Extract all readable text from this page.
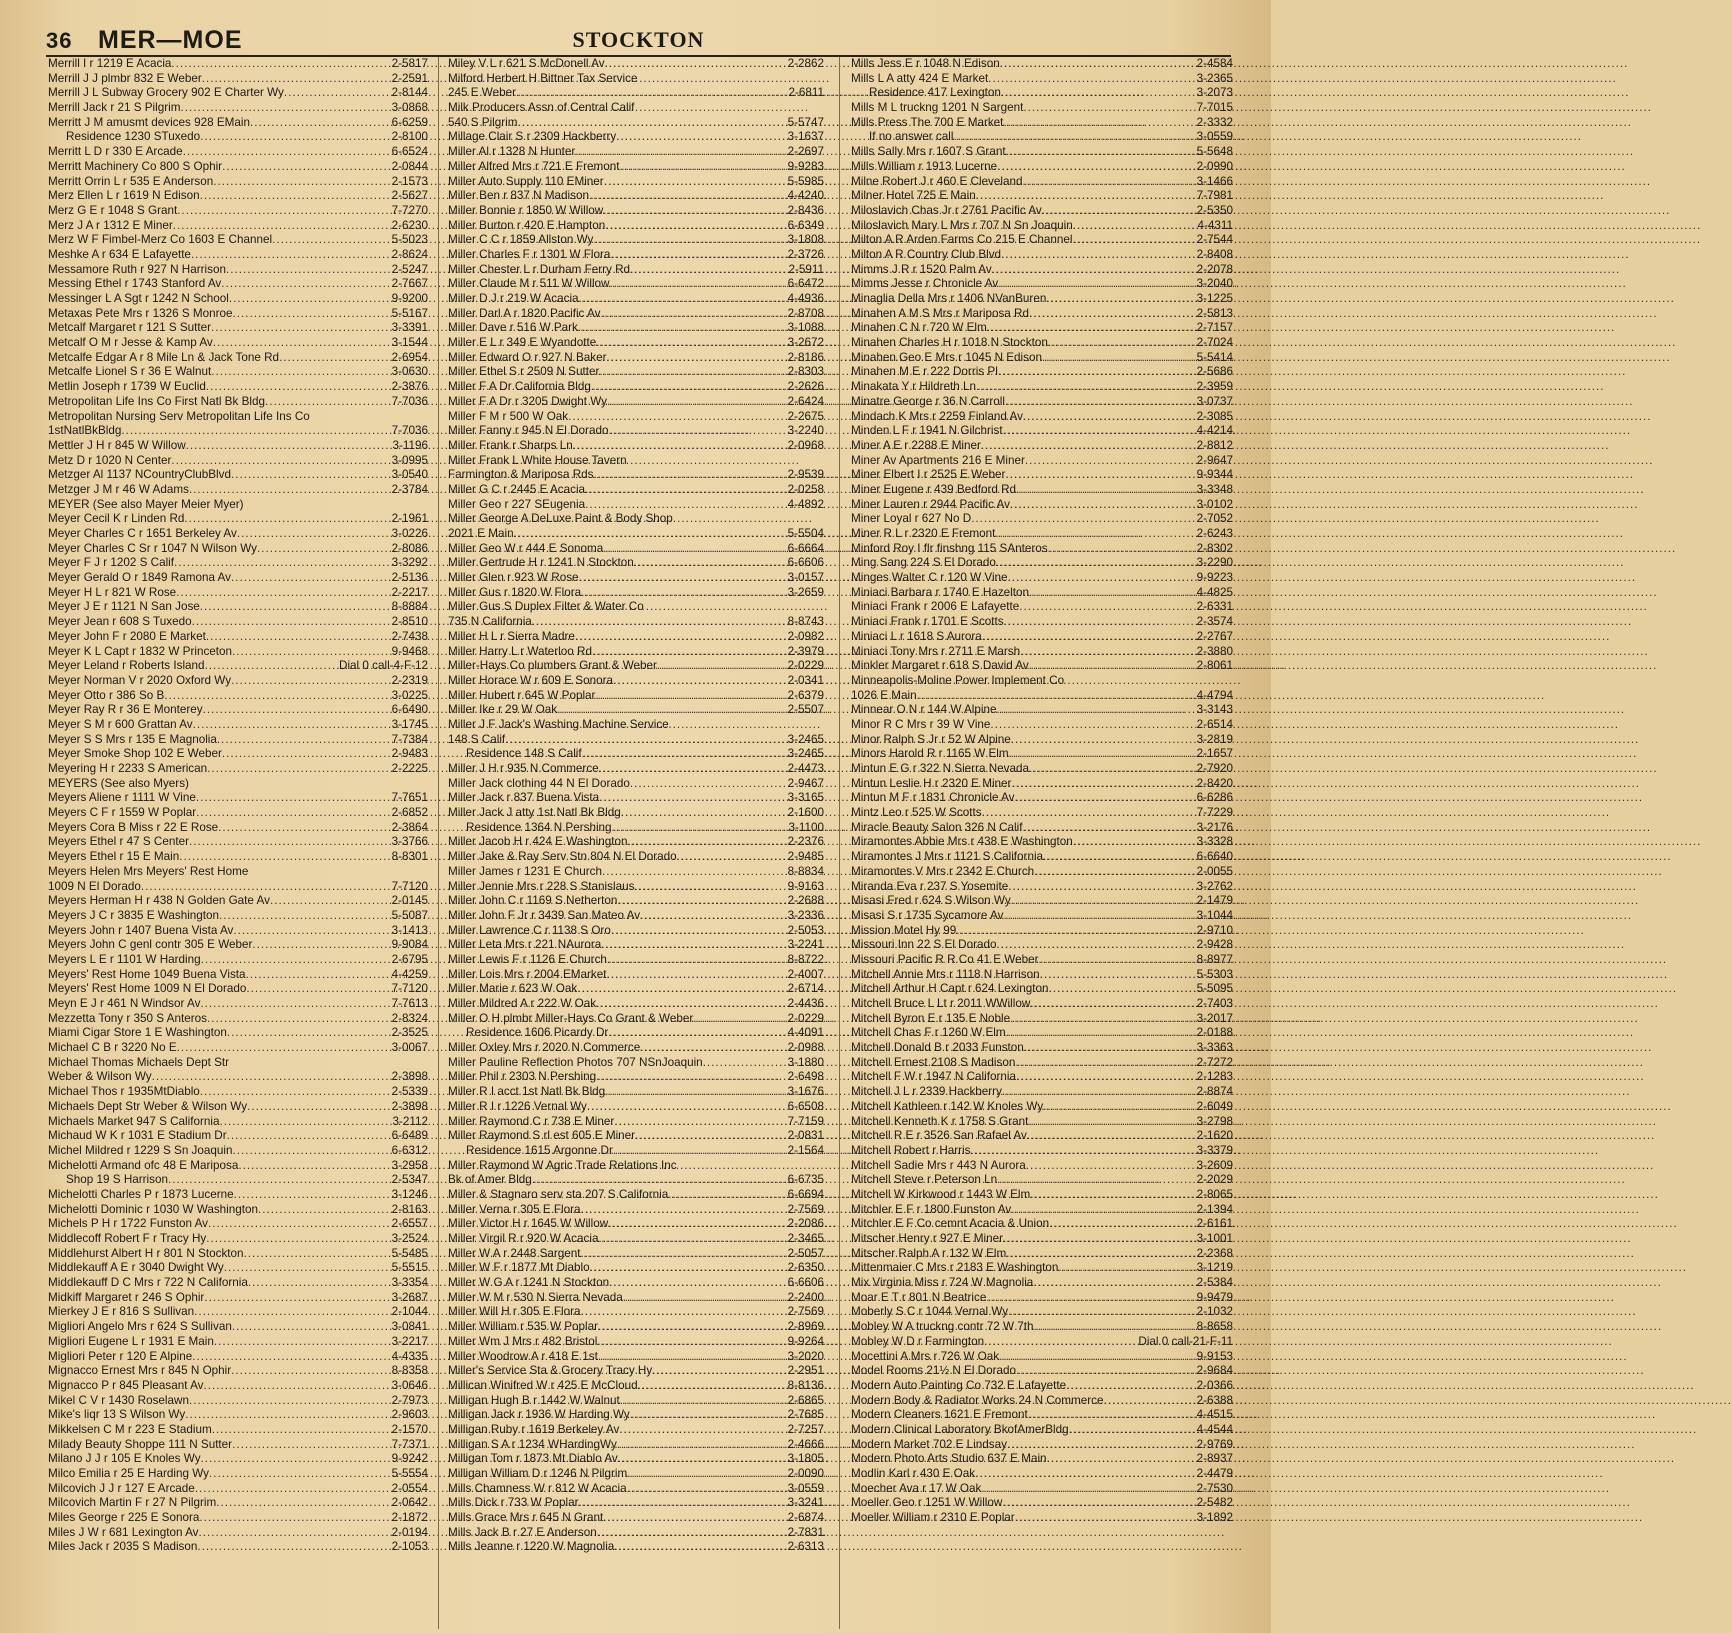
36 MER—MOE	STOCKTON
Merrill I r 1219 E Acacia .....	2-5817
Merrill J J plmbr 832 E Weber .....	2-2591
Merrill J L Subway Grocery 902 E Charter Wy .....	2-8144
Merrill Jack r 21 S Pilgrim .....	3-0868
Merritt J M amusmt devices 928 EMain .....	6-6259
Residence 1230 STuxedo .....	2-8100
Merritt L D r 330 E Arcade .....	6-6524
Merritt Machinery Co 800 S Ophir .....	2-0844
Merritt Orrin L r 535 E Anderson .....	2-1573
Merz Ellen L r 1619 N Edison .....	2-5627
Merz G E r 1048 S Grant .....	7-7270
Merz J A r 1312 E Miner .....	2-6230
Merz W F Fimbel-Merz Co 1603 E Channel .....	5-5023
Meshke A r 634 E Lafayette .....	2-8624
Messamore Ruth r 927 N Harrison .....	2-5247
Messing Ethel r 1743 Stanford Av .....	2-7667
Messinger L A Sgt r 1242 N School .....	9-9200
Metaxas Pete Mrs r 1326 S Monroe .....	5-5167
Metcalf Margaret r 121 S Sutter .....	3-3391
Metcalf O M r Jesse & Kamp Av .....	3-1544
Metcalfe Edgar A r 8 Mile Ln & Jack Tone Rd .....	2-6954
Metcalfe Lionel S r 36 E Walnut .....	3-0630
Metlin Joseph r 1739 W Euclid .....	2-3876
Metropolitan Life Ins Co First Natl Bk Bldg .....	7-7036
Metropolitan Nursing Serv Metropolitan Life Ins Co
1stNatlBkBldg .....	7-7036
Mettler J H r 845 W Willow .....	3-1196
Metz D r 1020 N Center .....	3-0995
Metzger Al 1137 NCountryClubBlvd .....	3-0540
Metzger J M r 46 W Adams .....	2-3784
MEYER (See also Mayer Meier Myer)
Meyer Cecil K r Linden Rd .....	2-1961
Meyer Charles C r 1651 Berkeley Av .....	3-0226
Meyer Charles C Sr r 1047 N Wilson Wy .....	2-8086
Meyer F J r 1202 S Calif .....	3-3292
Meyer Gerald O r 1849 Ramona Av .....	2-5136
Meyer H L r 821 W Rose .....	2-2217
Meyer J E r 1121 N San Jose .....	8-8884
Meyer Jean r 608 S Tuxedo .....	2-8510
Meyer John F r 2080 E Market .....	2-7438
Meyer K L Capt r 1832 W Princeton .....	9-9468
Meyer Leland r Roberts Island .....	Dial 0 call-4-F-12
Meyer Norman V r 2020 Oxford Wy .....	2-2319
Meyer Otto r 386 So B .....	3-0225
Meyer Ray R r 36 E Monterey .....	6-6490
Meyer S M r 600 Grattan Av .....	3-1745
Meyer S S Mrs r 135 E Magnolia .....	7-7384
Meyer Smoke Shop 102 E Weber .....	2-9483
Meyering H r 2233 S American .....	2-2225
MEYERS (See also Myers)
Meyers Aliene r 1111 W Vine .....	7-7651
Meyers C F r 1559 W Poplar .....	2-6852
Meyers Cora B Miss r 22 E Rose .....	2-3864
Meyers Ethel r 47 S Center .....	3-3766
Meyers Ethel r 15 E Main .....	8-8301
Meyers Helen Mrs Meyers' Rest Home
1009 N El Dorado .....	7-7120
Meyers Herman H r 438 N Golden Gate Av .....	2-0145
Meyers J C r 3835 E Washington .....	5-5087
Meyers John r 1407 Buena Vista Av .....	3-1413
Meyers John C genl contr 305 E Weber .....	9-9084
Meyers L E r 1101 W Harding .....	2-6795
Meyers' Rest Home 1049 Buena Vista .....	4-4259
Meyers' Rest Home 1009 N El Dorado .....	7-7120
Meyn E J r 461 N Windsor Av .....	7-7613
Mezzetta Tony r 350 S Anteros .....	2-8324
Miami Cigar Store 1 E Washington .....	2-3525
Michael C B r 3220 No E .....	3-0067
Michael Thomas Michaels Dept Str
Weber & Wilson Wy .....	2-3898
Michael Thos r 1935MtDiablo .....	2-5339
Michaels Dept Str Weber & Wilson Wy .....	2-3898
Michaels Market 947 S California .....	3-2112
Michaud W K r 1031 E Stadium Dr .....	6-6489
Michel Mildred r 1229 S Sn Joaquin .....	6-6312
Michelotti Armand ofc 48 E Mariposa .....	3-2958
Shop 19 S Harrison .....	2-5347
Michelotti Charles P r 1873 Lucerne .....	3-1246
Michelotti Dominic r 1030 W Washington .....	2-8163
Michels P H r 1722 Funston Av .....	2-6557
Middlecoff Robert F r Tracy Hy .....	3-2524
Middlehurst Albert H r 801 N Stockton .....	5-5485
Middlekauff A E r 3040 Dwight Wy .....	5-5515
Middlekauff D C Mrs r 722 N California .....	3-3354
Midkiff Margaret r 246 S Ophir .....	3-2687
Mierkey J E r 816 S Sullivan .....	2-1044
Migliori Angelo Mrs r 624 S Sullivan .....	3-0841
Migliori Eugene L r 1931 E Main .....	3-2217
Migliori Peter r 120 E Alpine .....	4-4335
Mignacco Ernest Mrs r 845 N Ophir .....	8-8358
Mignacco P r 845 Pleasant Av .....	3-0646
Mikel C V r 1430 Roselawn .....	2-7973
Mike's liqr 13 S Wilson Wy .....	2-9603
Mikkelsen C M r 223 E Stadium .....	2-1570
Milady Beauty Shoppe 111 N Sutter .....	7-7371
Milano J J r 105 E Knoles Wy .....	9-9242
Milco Emilia r 25 E Harding Wy .....	5-5554
Milcovich J J r 127 E Arcade .....	2-0554
Milcovich Martin F r 27 N Pilgrim .....	2-0642
Miles George r 225 E Sonora .....	2-1872
Miles J W r 681 Lexington Av .....	2-0194
Miles Jack r 2035 S Madison .....	2-1053
Miley V L r 621 S McDonell Av .....	2-2862
Milford Herbert H Bittner Tax Service
245 E Weber .....	2-6811
Milk Producers Assn of Central Calif
540 S Pilgrim .....	5-5747
Millage Clair S r 2309 Hackberry .....	3-1637
Miller Al r 1328 N Hunter .....	2-2697
Miller Alfred Mrs r 721 E Fremont .....	9-9283
Miller Auto Supply 110 EMiner .....	5-5985
Miller Ben r 837 N Madison .....	4-4240
Miller Bonnie r 1850 W Willow .....	2-8436
Miller Burton r 420 E Hampton .....	6-6349
Miller C C r 1859 Allston Wy .....	3-1808
Miller Charles F r 1301 W Flora .....	2-3726
Miller Chester L r Durham Ferry Rd .....	2-5911
Miller Claude M r 511 W Willow .....	6-6472
Miller D J r 219 W Acacia .....	4-4936
Miller Darl A r 1820 Pacific Av .....	2-8708
Miller Dave r 516 W Park .....	3-1088
Miller E L r 349 E Wyandotte .....	3-2672
Miller Edward O r 927 N Baker .....	2-8186
Miller Ethel S r 2509 N Sutter .....	2-8303
Miller F A Dr California Bldg .....	2-2626
Miller F A Dr r 3205 Dwight Wy .....	2-6424
Miller F M r 500 W Oak .....	2-2675
Miller Fanny r 945 N El Dorado .....	3-2240
Miller Frank r Sharps Ln .....	2-0968
Miller Frank L White House Tavern
Farmington & Mariposa Rds .....	2-9539
Miller G C r 2445 E Acacia .....	2-0258
Miller Geo r 227 SEugenia .....	4-4892
Miller George A DeLuxe Paint & Body Shop
2021 E Main .....	5-5504
Miller Geo W r 444 E Sonoma .....	6-6664
Miller Gertrude H r 1241 N Stockton .....	6-6606
Miller Glen r 923 W Rose .....	3-0157
Miller Gus r 1820 W Flora .....	3-2659
Miller Gus S Duplex Filter & Water Co
735 N California .....	8-8743
Miller H L r Sierra Madre .....	2-0982
Miller Harry L r Waterloo Rd .....	2-3979
Miller-Hays Co plumbers Grant & Weber .....	2-0229
Miller Horace W r 609 E Sonora .....	2-0341
Miller Hubert r 645 W Poplar .....	2-6379
Miller Ike r 29 W Oak .....	2-5507
Miller J F Jack's Washing Machine Service
148 S Calif .....	3-2465
Residence 148 S Calif .....	3-2465
Miller J H r 935 N Commerce .....	2-4473
Miller Jack clothing 44 N El Dorado .....	2-9467
Miller Jack r 837 Buena Vista .....	3-3165
Miller Jack J atty 1st Natl Bk Bldg .....	2-1600
Residence 1364 N Pershing .....	3-1100
Miller Jacob H r 424 E Washington .....	2-2376
Miller Jake & Ray Serv Stn 804 N El Dorado .....	2-9485
Miller James r 1231 E Church .....	8-8834
Miller Jennie Mrs r 228 S Stanislaus .....	9-9163
Miller John C r 1169 S Netherton .....	2-2688
Miller John F Jr r 3439 San Mateo Av .....	3-2336
Miller Lawrence C r 1138 S Oro .....	2-5053
Miller Leta Mrs r 221 NAurora .....	3-2241
Miller Lewis F r 1126 E Church .....	8-8722
Miller Lois Mrs r 2004 EMarket .....	2-4007
Miller Marie r 623 W Oak .....	2-6714
Miller Mildred A r 222 W Oak .....	2-4436
Miller O H plmbr Miller-Hays Co Grant & Weber .....	2-0229
Residence 1606 Picardy Dr .....	4-4091
Miller Oxley Mrs r 2020 N Commerce .....	2-0988
Miller Pauline Reflection Photos 707 NSnJoaquin .....	3-1880
Miller Phil r 2303 N Pershing .....	2-6498
Miller R I acct 1st Natl Bk Bldg .....	3-1676
Miller R I r 1226 Vernal Wy .....	6-6508
Miller Raymond C r 738 E Miner .....	7-7159
Miller Raymond S rl est 605 E Miner .....	2-0831
Residence 1615 Argonne Dr .....	2-1564
Miller Raymond W Agric Trade Relations Inc
Bk of Amer Bldg .....	6-6735
Miller & Stagnaro serv sta 207 S California .....	6-6694
Miller Verna r 305 E Flora .....	2-7569
Miller Victor H r 1645 W Willow .....	2-2086
Miller Virgil R r 920 W Acacia .....	2-3465
Miller W A r 2448 Sargent .....	2-5057
Miller W F r 1877 Mt Diablo .....	2-6350
Miller W G A r 1241 N Stockton .....	6-6606
Miller W M r 530 N Sierra Nevada .....	2-2400
Miller Will H r 305 E Flora .....	2-7569
Miller William r 535 W Poplar .....	2-8969
Miller Wm J Mrs r 482 Bristol .....	9-9264
Miller Woodrow A r 418 E 1st .....	3-2020
Miller's Service Sta & Grocery Tracy Hy .....	2-2951
Millican Winifred W r 425 E McCloud .....	8-8136
Milligan Hugh B r 1442 W Walnut .....	2-6865
Milligan Jack r 1936 W Harding Wy .....	2-7685
Milligan Ruby r 1619 Berkeley Av .....	2-7257
Milligan S A r 1234 WHardingWy .....	2-4666
Milligan Tom r 1873 Mt Diablo Av .....	3-1805
Milligan William D r 1246 N Pilgrim .....	2-0090
Mills Chamness W r 812 W Acacia .....	3-0559
Mills Dick r 733 W Poplar .....	3-3241
Mills Grace Mrs r 645 N Grant .....	2-6874
Mills Jack B r 27 E Anderson .....	2-7831
Mills Jeanne r 1220 W Magnolia .....	2-6313
Mills Jess E r 1048 N Edison .....	2-4584
Mills L A atty 424 E Market .....	3-2365
Residence 417 Lexington .....	3-2073
Mills M L truckng 1201 N Sargent .....	7-7015
Mills Press The 700 E Market .....	2-3332
If no answer call .....	3-0559
Mills Sally Mrs r 1607 S Grant .....	5-5648
Mills William r 1913 Lucerne .....	2-0990
Milne Robert J r 460 E Cleveland .....	3-1466
Milner Hotel 725 E Main .....	7-7981
Miloslavich Chas Jr r 2761 Pacific Av .....	2-5350
Miloslavich Mary L Mrs r 707 N Sn Joaquin .....	4-4311
Milton A R Arden Farms Co 215 E Channel .....	2-7544
Milton A R Country Club Blvd .....	2-8408
Mimms J R r 1520 Palm Av .....	2-2078
Mimms Jesse r Chronicle Av .....	3-2040
Minaglia Della Mrs r 1406 NVanBuren .....	3-1225
Minahen A M S Mrs r Mariposa Rd .....	2-5813
Minahen C N r 720 W Elm .....	2-7157
Minahen Charles H r 1018 N Stockton .....	2-7024
Minahen Geo E Mrs r 1045 N Edison .....	5-5414
Minahen M E r 222 Dorris Pl .....	2-5686
Minakata Y r Hildreth Ln .....	2-3959
Minatre George r 36 N Carroll .....	3-0737
Mindach K Mrs r 2259 Finland Av .....	2-3085
Minden L F r 1941 N Gilchrist .....	4-4214
Miner A E r 2288 E Miner .....	2-8812
Miner Av Apartments 216 E Miner .....	2-9647
Miner Elbert I r 2525 E Weber .....	9-9344
Miner Eugene r 439 Bedford Rd .....	3-3348
Miner Lauren r 2944 Pacific Av .....	3-0102
Miner Loyal r 627 No D .....	2-7052
Miner R L r 2320 E Fremont .....	2-6243
Minford Roy I flr finshng 115 SAnteros .....	2-8302
Ming Sang 224 S El Dorado .....	3-2290
Minges Walter C r 120 W Vine .....	9-9223
Miniaci Barbara r 1740 E Hazelton .....	4-4825
Miniaci Frank r 2006 E Lafayette .....	2-6331
Miniaci Frank r 1701 E Scotts .....	2-3574
Miniaci L r 1618 S Aurora .....	2-2767
Miniaci Tony Mrs r 2711 E Marsh .....	2-3880
Minkler Margaret r 618 S David Av .....	2-8061
Minneapolis-Moline Power Implement Co
1026 E Main .....	4-4794
Minnear O N r 144 W Alpine .....	3-3143
Minor R C Mrs r 39 W Vine .....	2-6514
Minor Ralph S Jr r 52 W Alpine .....	3-2819
Minors Harold R r 1165 W Elm .....	2-1657
Mintun E G r 322 N Sierra Nevada .....	2-7920
Mintun Leslie H r 2320 E Miner .....	2-8420
Mintun M F r 1831 Chronicle Av .....	6-6286
Mintz Leo r 525 W Scotts .....	7-7229
Miracle Beauty Salon 326 N Calif .....	3-2176
Miramontes Abbie Mrs r 438 E Washington .....	3-3328
Miramontes J Mrs r 1121 S California .....	6-6640
Miramontes V Mrs r 2342 E Church .....	2-0055
Miranda Eva r 237 S Yosemite .....	3-2762
Misasi Fred r 624 S Wilson Wy .....	2-1479
Misasi S r 1735 Sycamore Av .....	3-1044
Mission Motel Hy 99 .....	2-9710
Missouri Inn 22 S El Dorado .....	2-9428
Missouri Pacific R R Co 41 E Weber .....	8-8977
Mitchell Annie Mrs r 1118 N Harrison .....	5-5303
Mitchell Arthur H Capt r 624 Lexington .....	5-5095
Mitchell Bruce L Lt r 2011 WWillow .....	2-7403
Mitchell Byron E r 135 E Noble .....	3-2017
Mitchell Chas F r 1260 W Elm .....	2-0188
Mitchell Donald B r 2033 Funston .....	3-3363
Mitchell Ernest 2108 S Madison .....	2-7272
Mitchell F W r 1947 N California .....	2-1283
Mitchell J L r 2339 Hackberry .....	2-8874
Mitchell Kathleen r 142 W Knoles Wy .....	2-6049
Mitchell Kenneth K r 1758 S Grant .....	3-2798
Mitchell R E r 3526 San Rafael Av .....	2-1620
Mitchell Robert r Harris .....	3-3379
Mitchell Sadie Mrs r 443 N Aurora .....	3-2609
Mitchell Steve r Peterson Ln .....	2-2029
Mitchell W Kirkwood r 1443 W Elm .....	2-8065
Mitchler E F r 1800 Funston Av .....	2-1394
Mitchler E F Co cemnt Acacia & Union .....	2-6161
Mitscher Henry r 927 E Miner .....	3-1001
Mitscher Ralph A r 132 W Elm .....	2-2368
Mittenmaier C Mrs r 2183 E Washington .....	3-1219
Mix Virginia Miss r 724 W Magnolia .....	2-5384
Moar E T r 801 N Beatrice .....	9-9479
Moberly S C r 1044 Vernal Wy .....	2-1032
Mobley W A truckng contr 72 W 7th .....	8-8658
Mobley W D r Farmington .....	Dial 0 call-21-F-11
Mocettini A Mrs r 726 W Oak .....	9-9153
Model Rooms 21½ N El Dorado .....	2-9684
Modern Auto Painting Co 732 E Lafayette .....	2-0366
Modern Body & Radiator Works 24 N Commerce .....	2-6388
Modern Cleaners 1621 E Fremont .....	4-4515
Modern Clinical Laboratory BkofAmerBldg .....	4-4544
Modern Market 702 E Lindsay .....	2-9769
Modern Photo Arts Studio 637 E Main .....	2-8937
Modlin Karl r 430 E Oak .....	2-4479
Moecher Ava r 17 W Oak .....	2-7530
Moeller Geo r 1251 W Willow .....	2-5482
Moeller William r 2310 E Poplar .....	3-1892
